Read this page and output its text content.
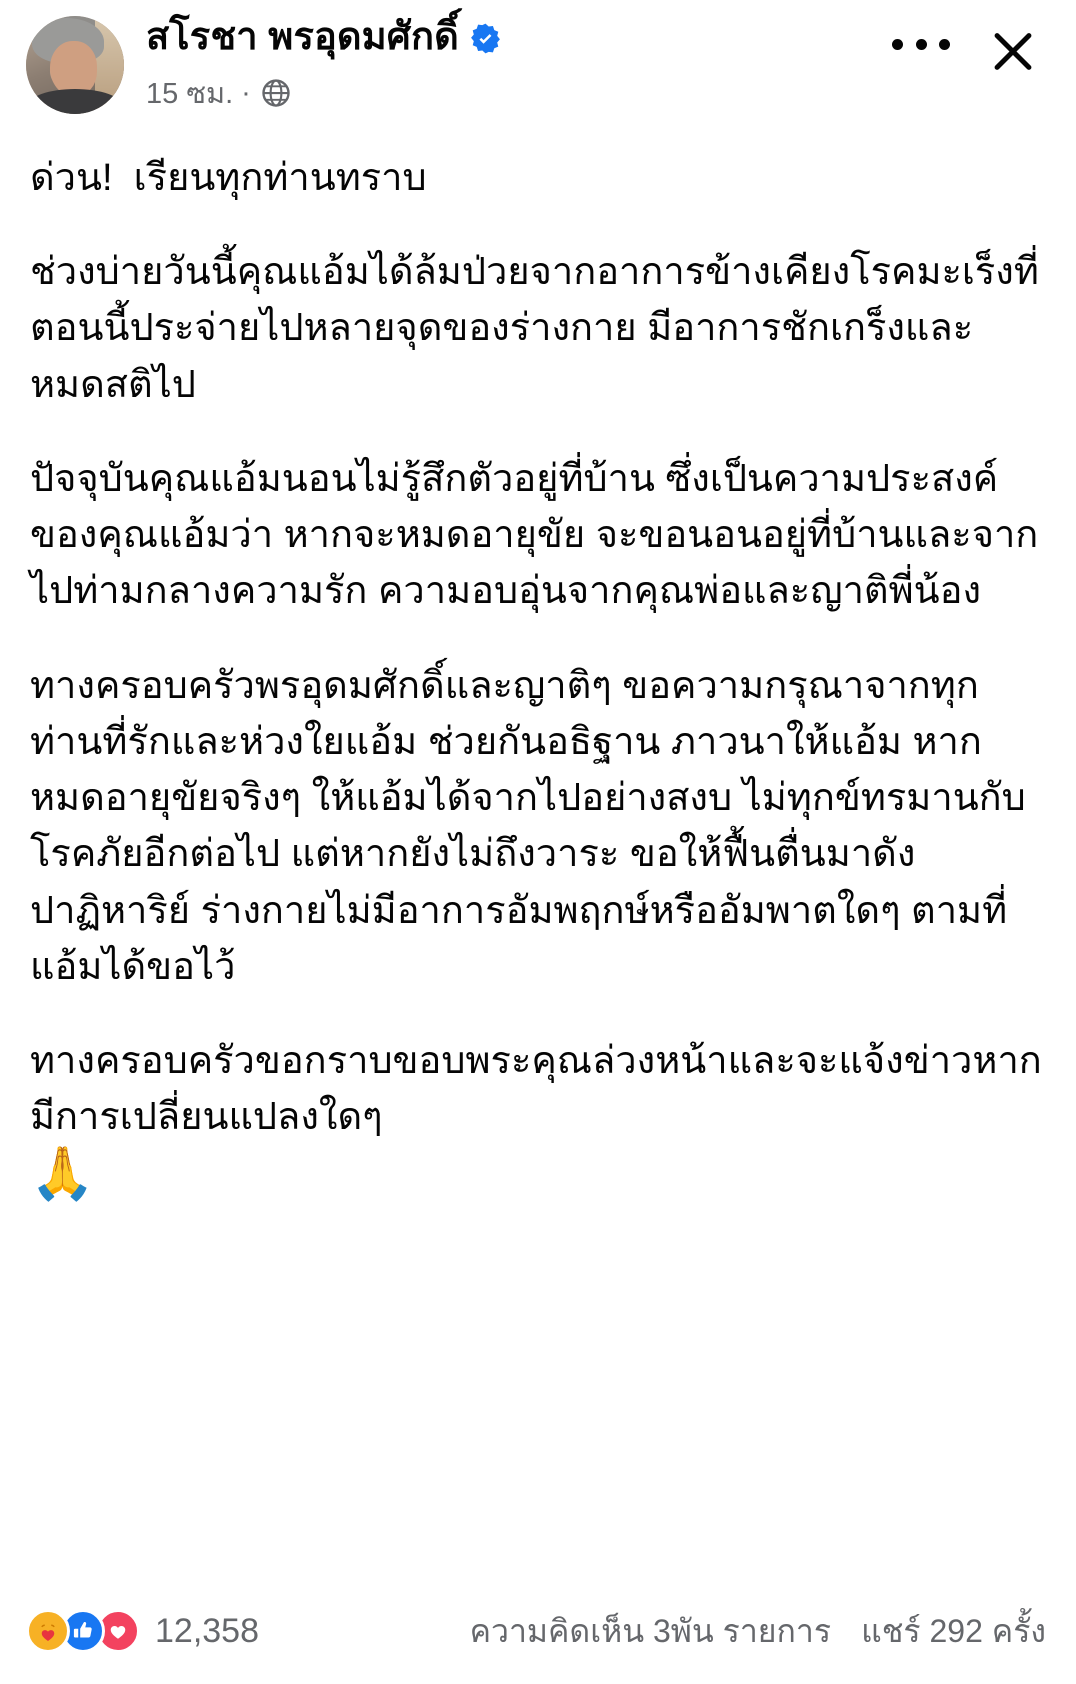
สโรชา พรอุดมศักดิ์
15 ซม. ·

ด่วน!  เรียนทุกท่านทราบ

ช่วงบ่ายวันนี้คุณแอ้มได้ล้มป่วยจากอาการข้างเคียงโรคมะเร็งที่ตอนนี้ประจ่ายไปหลายจุดของร่างกาย มีอาการชักเกร็งและหมดสติไป

ปัจจุบันคุณแอ้มนอนไม่รู้สึกตัวอยู่ที่บ้าน ซึ่งเป็นความประสงค์ของคุณแอ้มว่า หากจะหมดอายุขัย จะขอนอนอยู่ที่บ้านและจากไปท่ามกลางความรัก ความอบอุ่นจากคุณพ่อและญาติพี่น้อง

ทางครอบครัวพรอุดมศักดิ์และญาติๆ ขอความกรุณาจากทุกท่านที่รักและห่วงใยแอ้ม ช่วยกันอธิฐาน ภาวนาให้แอ้ม หากหมดอายุขัยจริงๆ ให้แอ้มได้จากไปอย่างสงบ ไม่ทุกข์ทรมานกับโรคภัยอีกต่อไป แต่หากยังไม่ถึงวาระ ขอให้ฟื้นตื่นมาดังปาฏิหาริย์ ร่างกายไม่มีอาการอัมพฤกษ์หรืออัมพาตใดๆ ตามที่แอ้มได้ขอไว้

ทางครอบครัวขอกราบขอบพระคุณล่วงหน้าและจะแจ้งข่าวหากมีการเปลี่ยนแปลงใดๆ

🙏

12,358	ความคิดเห็น 3พัน รายการ แชร์ 292 ครั้ง
